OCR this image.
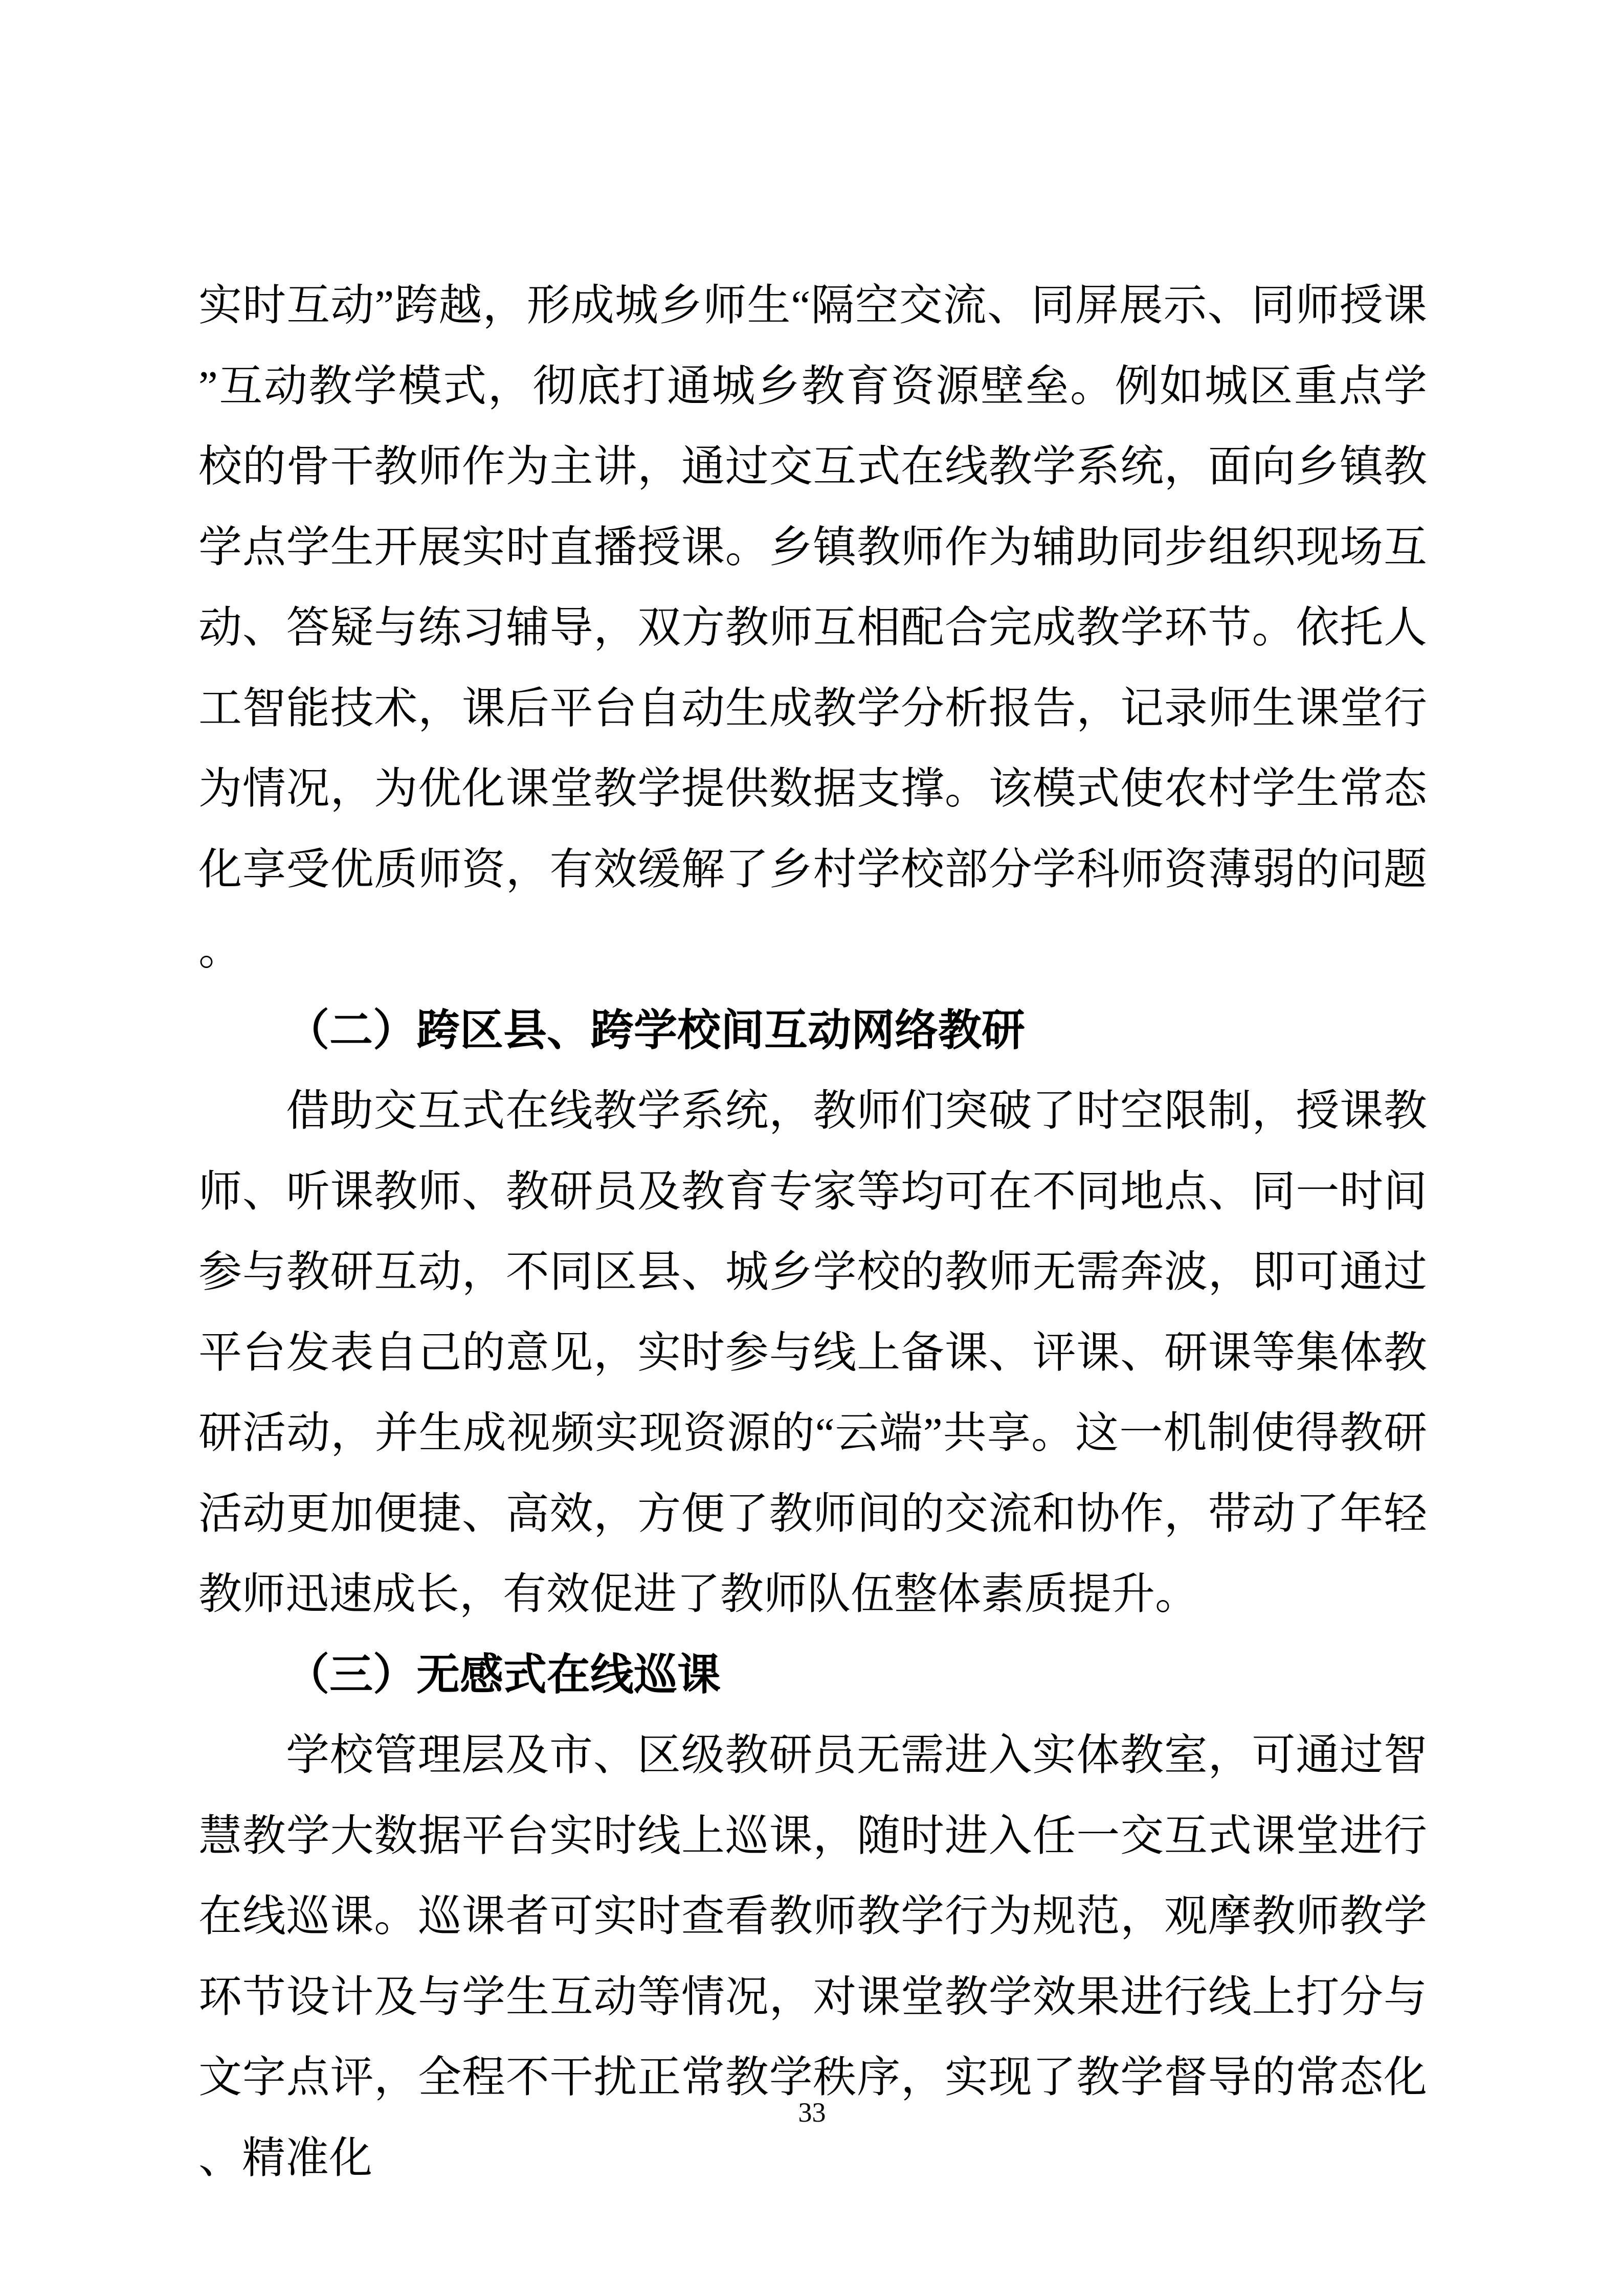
实时互动”跨越，形成城乡师生“隔空交流、同屏展示、同师授课”互动教学模式，彻底打通城乡教育资源壁垒。例如城区重点学校的骨干教师作为主讲，通过交互式在线教学系统，面向乡镇教学点学生开展实时直播授课。乡镇教师作为辅助同步组织现场互动、答疑与练习辅导，双方教师互相配合完成教学环节。依托人工智能技术，课后平台自动生成教学分析报告，记录师生课堂行为情况，为优化课堂教学提供数据支撑。该模式使农村学生常态化享受优质师资，有效缓解了乡村学校部分学科师资薄弱的问题。

（二）跨区县、跨学校间互动网络教研

借助交互式在线教学系统，教师们突破了时空限制，授课教师、听课教师、教研员及教育专家等均可在不同地点、同一时间参与教研互动，不同区县、城乡学校的教师无需奔波，即可通过平台发表自己的意见，实时参与线上备课、评课、研课等集体教研活动，并生成视频实现资源的“云端”共享。这一机制使得教研活动更加便捷、高效，方便了教师间的交流和协作，带动了年轻教师迅速成长，有效促进了教师队伍整体素质提升。

（三）无感式在线巡课

学校管理层及市、区级教研员无需进入实体教室，可通过智慧教学大数据平台实时线上巡课，随时进入任一交互式课堂进行在线巡课。巡课者可实时查看教师教学行为规范，观摩教师教学环节设计及与学生互动等情况，对课堂教学效果进行线上打分与文字点评，全程不干扰正常教学秩序，实现了教学督导的常态化、精准化

33
